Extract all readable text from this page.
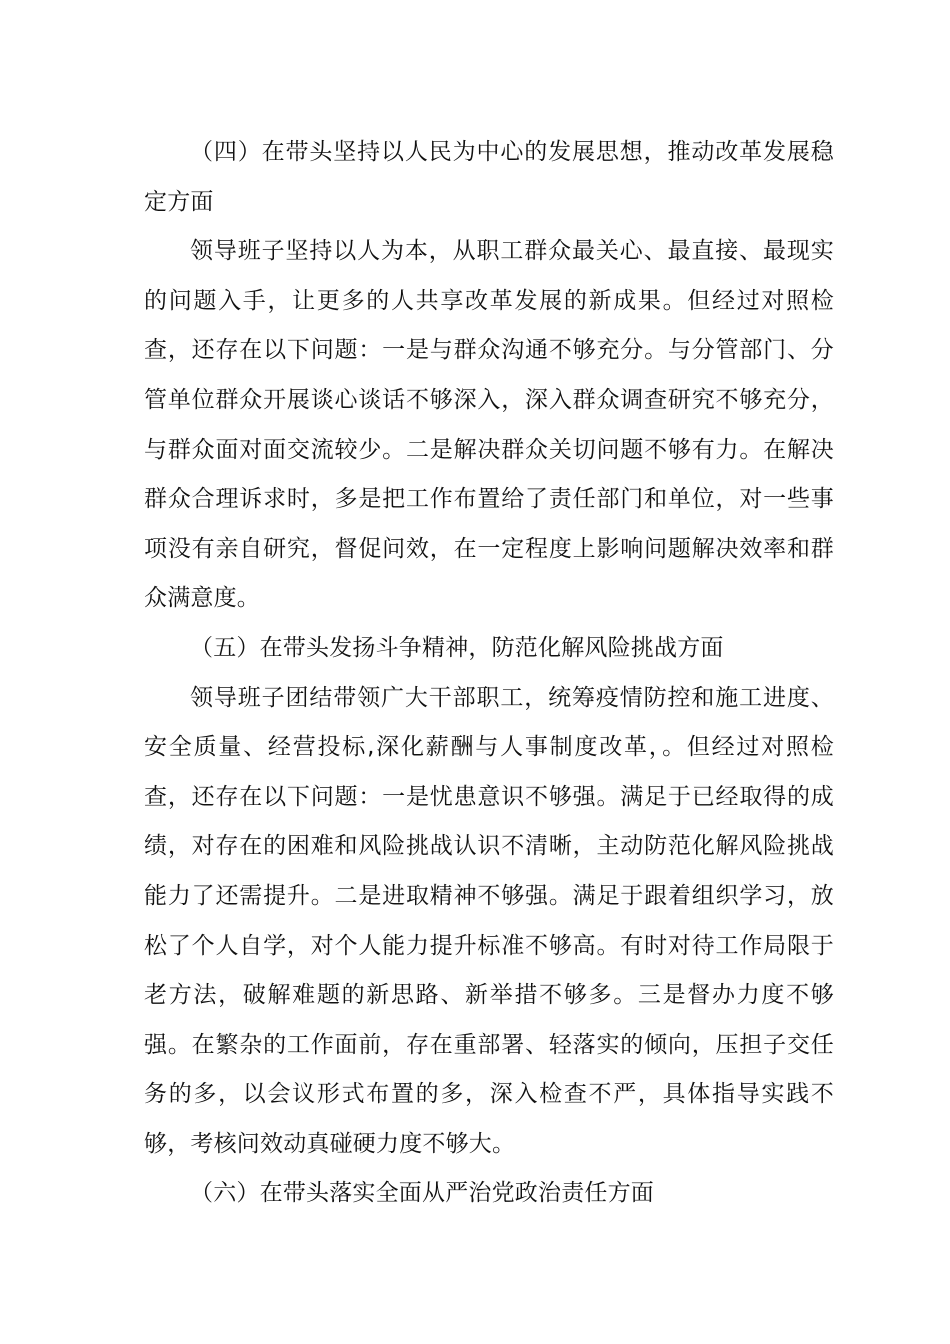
（四）在带头坚持以人民为中心的发展思想，推动改革发展稳定方面

领导班子坚持以人为本，从职工群众最关心、最直接、最现实的问题入手，让更多的人共享改革发展的新成果。但经过对照检查，还存在以下问题：一是与群众沟通不够充分。与分管部门、分管单位群众开展谈心谈话不够深入，深入群众调查研究不够充分，与群众面对面交流较少。二是解决群众关切问题不够有力。在解决群众合理诉求时，多是把工作布置给了责任部门和单位，对一些事项没有亲自研究，督促问效，在一定程度上影响问题解决效率和群众满意度。

（五）在带头发扬斗争精神，防范化解风险挑战方面

领导班子团结带领广大干部职工，统筹疫情防控和施工进度、安全质量、经营投标,深化薪酬与人事制度改革，。但经过对照检查，还存在以下问题：一是忧患意识不够强。满足于已经取得的成绩，对存在的困难和风险挑战认识不清晰，主动防范化解风险挑战能力了还需提升。二是进取精神不够强。满足于跟着组织学习，放松了个人自学，对个人能力提升标准不够高。有时对待工作局限于老方法，破解难题的新思路、新举措不够多。三是督办力度不够强。在繁杂的工作面前，存在重部署、轻落实的倾向，压担子交任务的多，以会议形式布置的多，深入检查不严，具体指导实践不够，考核问效动真碰硬力度不够大。

（六）在带头落实全面从严治党政治责任方面
